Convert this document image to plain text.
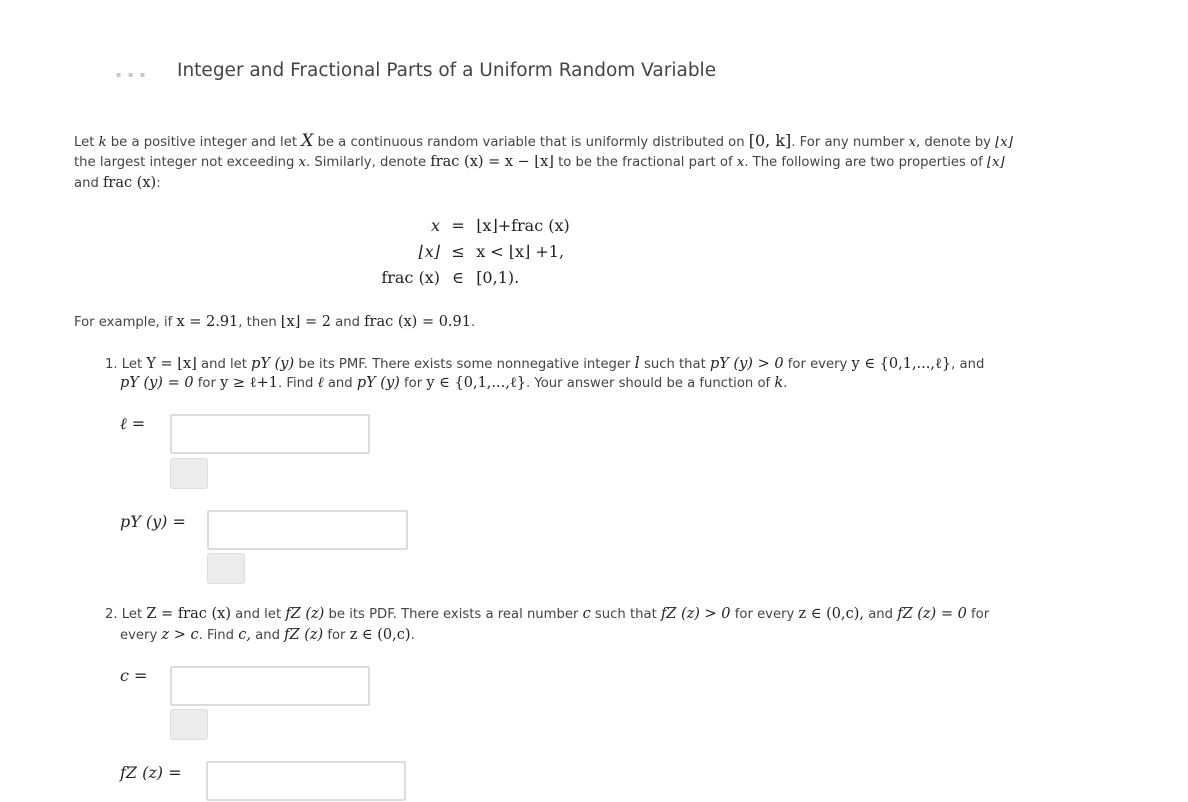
▪ ▪ ▪ Integer and Fractional Parts of a Uniform Random Variable
Let k be a positive integer and let X be a continuous random variable that is uniformly distributed on [0, k]. For any number x, denote by ⌊x⌋
the largest integer not exceeding x. Similarly, denote frac (x) = x − ⌊x⌋ to be the fractional part of x. The following are two properties of ⌊x⌋
and frac (x):
x = ⌊x⌋+frac (x)
⌊x⌋ ≤ x < ⌊x⌋ +1,
frac (x) ∈ [0,1).
For example, if x = 2.91, then ⌊x⌋ = 2 and frac (x) = 0.91.
1. Let Y = ⌊x⌋ and let pY (y) be its PMF. There exists some nonnegative integer l such that pY (y) > 0 for every y ∈ {0,1,...,ℓ}, and
pY (y) = 0 for y ≥ ℓ+1. Find ℓ and pY (y) for y ∈ {0,1,...,ℓ}. Your answer should be a function of k.
ℓ =
pY (y) =
2. Let Z = frac (x) and let fZ (z) be its PDF. There exists a real number c such that fZ (z) > 0 for every z ∈ (0,c), and fZ (z) = 0 for
every z > c. Find c, and fZ (z) for z ∈ (0,c).
c =
fZ (z) =
